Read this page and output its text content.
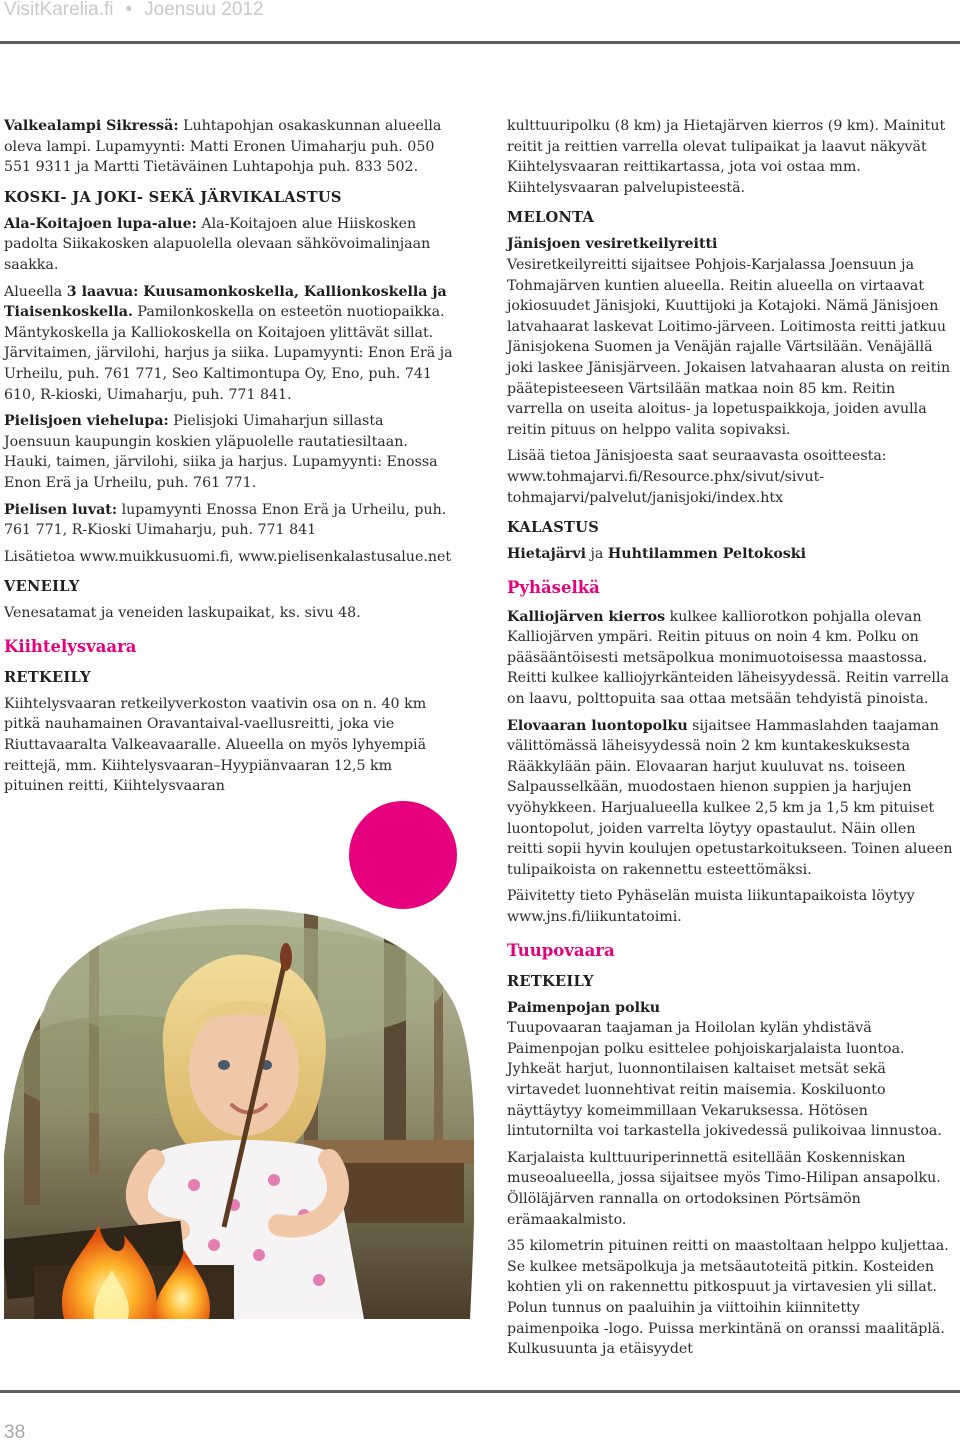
VisitKarelia.fi • Joensuu 2012

Valkealampi Sikressä: Luhtapohjan osakaskunnan alueella oleva lampi. Lupamyynti: Matti Eronen Uimaharju puh. 050 551 9311 ja Martti Tietäväinen Luhtapohja puh. 833 502.

KOSKI- JA JOKI- SEKÄ JÄRVIKALASTUS

Ala-Koitajoen lupa-alue: Ala-Koitajoen alue Hiiskosken padolta Siikakosken alapuolella olevaan sähkövoimalinjaan saakka.

Alueella 3 laavua: Kuusamonkoskella, Kallionkoskella ja Tiaisenkoskella. Pamilonkoskella on esteetön nuotiopaikka. Mäntykoskella ja Kalliokoskella on Koitajoen ylittävät sillat. Järvitaimen, järvilohi, harjus ja siika. Lupamyynti: Enon Erä ja Urheilu, puh. 761 771, Seo Kaltimontupa Oy, Eno, puh. 741 610, R-kioski, Uimaharju, puh. 771 841.

Pielisjoen viehelupa: Pielisjoki Uimaharjun sillasta Joensuun kaupungin koskien yläpuolelle rautatiesiltaan. Hauki, taimen, järvilohi, siika ja harjus. Lupamyynti: Enossa Enon Erä ja Urheilu, puh. 761 771.

Pielisen luvat: lupamyynti Enossa Enon Erä ja Urheilu, puh. 761 771, R-Kioski Uimaharju, puh. 771 841

Lisätietoa www.muikkusuomi.fi, www.pielisenkalastusalue.net

VENEILY

Venesatamat ja veneiden laskupaikat, ks. sivu 48.

Kiihtelysvaara
RETKEILY

Kiihtelysvaaran retkeilyverkoston vaativin osa on n. 40 km pitkä nauhamainen Oravantaival-vaellusreitti, joka vie Riuttavaaralta Valkeavaaralle. Alueella on myös lyhyempiä reittejä, mm. Kiihtelysvaaran–Hyypiänvaaran 12,5 km pituinen reitti, Kiihtelysvaaran

kulttuuripolku (8 km) ja Hietajärven kierros (9 km). Mainitut reitit ja reittien varrella olevat tulipaikat ja laavut näkyvät Kiihtelysvaaran reittikartassa, jota voi ostaa mm. Kiihtelysvaaran palvelupisteestä.

MELONTA

Jänisjoen vesiretkeilyreitti

Vesiretkeilyreitti sijaitsee Pohjois-Karjalassa Joensuun ja Tohmajärven kuntien alueella. Reitin alueella on virtaavat jokiosuudet Jänisjoki, Kuuttijoki ja Kotajoki. Nämä Jänisjoen latvahaarat laskevat Loitimo-järveen. Loitimosta reitti jatkuu Jänisjokena Suomen ja Venäjän rajalle Värtsilään. Venäjällä joki laskee Jänisjärveen. Jokaisen latvahaaran alusta on reitin päätepisteeseen Värtsilään matkaa noin 85 km. Reitin varrella on useita aloitus- ja lopetuspaikkoja, joiden avulla reitin pituus on helppo valita sopivaksi.

Lisää tietoa Jänisjoesta saat seuraavasta osoitteesta: www.tohmajarvi.fi/Resource.phx/sivut/sivut-tohmajarvi/palvelut/janisjoki/index.htx

KALASTUS

Hietajärvi ja Huhtilammen Peltokoski

Pyhäselkä

Kalliojärven kierros kulkee kalliorotkon pohjalla olevan Kalliojärven ympäri. Reitin pituus on noin 4 km. Polku on pääsääntöisesti metsäpolkua monimuotoisessa maastossa. Reitti kulkee kalliojyrkänteiden läheisyydessä. Reitin varrella on laavu, polttopuita saa ottaa metsään tehdyistä pinoista.

Elovaaran luontopolku sijaitsee Hammaslahden taajaman välittömässä läheisyydessä noin 2 km kuntakeskuksesta Rääkkylään päin. Elovaaran harjut kuuluvat ns. toiseen Salpausselkään, muodostaen hienon suppien ja harjujen vyöhykkeen. Harjualueella kulkee 2,5 km ja 1,5 km pituiset luontopolut, joiden varrelta löytyy opastaulut. Näin ollen reitti sopii hyvin koulujen opetustarkoitukseen. Toinen alueen tulipaikoista on rakennettu esteettömäksi.

Päivitetty tieto Pyhäselän muista liikuntapaikoista löytyy www.jns.fi/liikuntatoimi.

Tuupovaara
RETKEILY

Paimenpojan polku

Tuupovaaran taajaman ja Hoilolan kylän yhdistävä Paimenpojan polku esittelee pohjoiskarjalaista luontoa. Jyhkeät harjut, luonnontilaisen kaltaiset metsät sekä virtavedet luonnehtivat reitin maisemia. Koskiluonto näyttäytyy komeimmillaan Vekaruksessa. Hötösen lintutornilta voi tarkastella jokivedessä pulikoivaa linnustoa.

Karjalaista kulttuuriperinnettä esitellään Koskenniskan museoalueella, jossa sijaitsee myös Timo-Hilipan ansapolku. Öllöläjärven rannalla on ortodoksinen Pörtsämön erämaakalmisto.

35 kilometrin pituinen reitti on maastoltaan helppo kuljettaa. Se kulkee metsäpolkuja ja metsäautoteitä pitkin. Kosteiden kohtien yli on rakennettu pitkospuut ja virtavesien yli sillat. Polun tunnus on paaluihin ja viittoihin kiinnitetty paimenpoika -logo. Puissa merkintänä on oranssi maalitäplä. Kulkusuunta ja etäisyydet

38
